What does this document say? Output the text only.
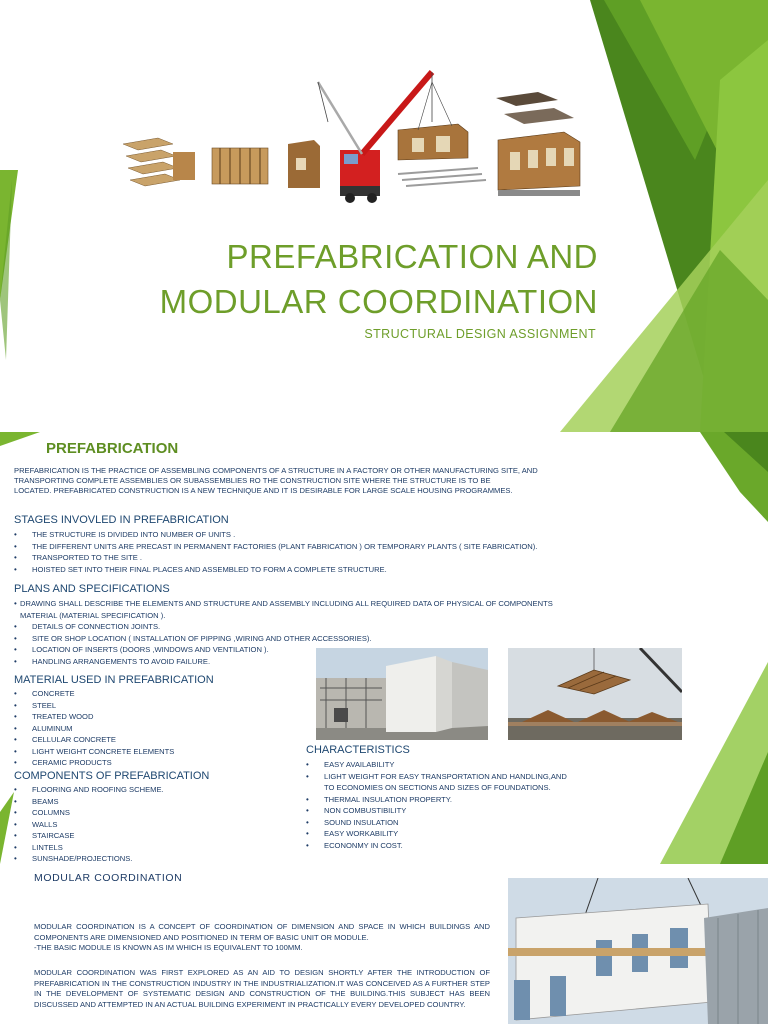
PREFABRICATION AND
MODULAR COORDINATION
STRUCTURAL DESIGN ASSIGNMENT
PREFABRICATION

PREFABRICATION IS THE PRACTICE OF ASSEMBLING COMPONENTS OF A STRUCTURE IN A FACTORY OR OTHER MANUFACTURING SITE, AND
TRANSPORTING COMPLETE ASSEMBLIES OR SUBASSEMBLIES RO THE CONSTRUCTION SITE WHERE THE STRUCTURE IS TO BE
LOCATED. PREFABRICATED CONSTRUCTION IS A NEW TECHNIQUE AND IT IS DESIRABLE FOR LARGE SCALE HOUSING PROGRAMMES.

STAGES INVOVLED IN PREFABRICATION
• THE STRUCTURE IS DIVIDED INTO NUMBER OF UNITS .
• THE DIFFERENT UNITS ARE PRECAST IN PERMANENT FACTORIES (PLANT FABRICATION ) OR TEMPORARY PLANTS ( SITE FABRICATION).
• TRANSPORTED TO THE SITE .
• HOISTED SET INTO THEIR FINAL PLACES AND ASSEMBLED TO FORM A COMPLETE STRUCTURE.
PLANS AND SPECIFICATIONS
• DRAWING SHALL DESCRIBE THE ELEMENTS AND STRUCTURE AND ASSEMBLY INCLUDING ALL REQUIRED DATA OF PHYSICAL OF COMPONENTS
MATERIAL (MATERIAL SPECIFICATION ).
• DETAILS OF CONNECTION JOINTS.
• SITE OR SHOP LOCATION ( INSTALLATION OF PIPPING ,WIRING AND OTHER ACCESSORIES).
• LOCATION OF INSERTS (DOORS ,WINDOWS AND VENTILATION ).
• HANDLING ARRANGEMENTS TO AVOID FAILURE.
MATERIAL USED IN PREFABRICATION
• CONCRETE
• STEEL
• TREATED WOOD
• ALUMINUM
• CELLULAR CONCRETE
• LIGHT WEIGHT CONCRETE ELEMENTS
• CERAMIC PRODUCTS
COMPONENTS OF PREFABRICATION
• FLOORING AND ROOFING SCHEME.
• BEAMS
• COLUMNS
• WALLS
• STAIRCASE
• LINTELS
• SUNSHADE/PROJECTIONS.
CHARACTERISTICS
• EASY AVAILABILITY
• LIGHT WEIGHT FOR EASY TRANSPORTATION AND HANDLING,AND TO ECONOMIES ON SECTIONS AND SIZES OF FOUNDATIONS.
• THERMAL INSULATION PROPERTY.
• NON COMBUSTIBILITY
• SOUND INSULATION
• EASY WORKABILITY
• ECONONMY IN COST.
MODULAR COORDINATION

MODULAR COORDINATION IS A CONCEPT OF COORDINATION OF DIMENSION AND SPACE IN WHICH BUILDINGS AND COMPONENTS ARE DIMENSIONED AND POSITIONED IN TERM OF BASIC UNIT OR MODULE.

-THE BASIC MODULE IS KNOWN AS IM WHICH IS EQUIVALENT TO 100MM.

MODULAR COORDINATION WAS FIRST EXPLORED AS AN AID TO DESIGN SHORTLY AFTER THE INTRODUCTION OF PREFABRICATION IN THE CONSTRUCTION INDUSTRY IN THE INDUSTRIALIZATION.IT WAS CONCEIVED AS A FURTHER STEP IN THE DEVELOPMENT OF SYSTEMATIC DESIGN AND CONSTRUCTION OF THE BUILDING.THIS SUBJECT HAS BEEN DISCUSSED AND ATTEMPTED IN AN ACTUAL BUILDING EXPERIMENT IN PRACTICALLY EVERY DEVELOPED COUNTRY.
